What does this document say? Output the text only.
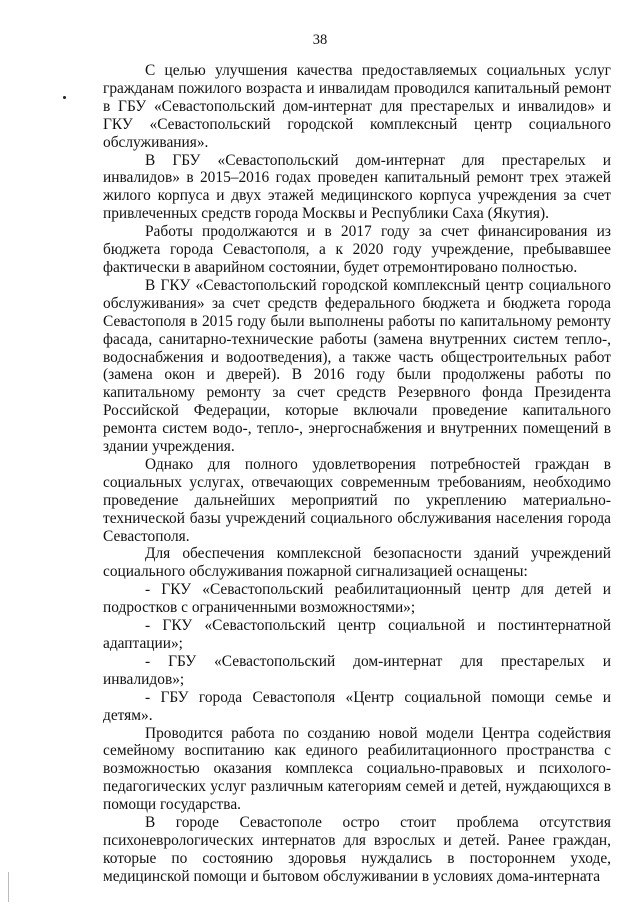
38

С целью улучшения качества предоставляемых социальных услуг гражданам пожилого возраста и инвалидам проводился капитальный ремонт в ГБУ «Севастопольский дом-интернат для престарелых и инвалидов» и ГКУ «Севастопольский городской комплексный центр социального обслуживания».

В ГБУ «Севастопольский дом-интернат для престарелых и инвалидов» в 2015–2016 годах проведен капитальный ремонт трех этажей жилого корпуса и двух этажей медицинского корпуса учреждения за счет привлеченных средств города Москвы и Республики Саха (Якутия).

Работы продолжаются и в 2017 году за счет финансирования из бюджета города Севастополя, а к 2020 году учреждение, пребывавшее фактически в аварийном состоянии, будет отремонтировано полностью.

В ГКУ «Севастопольский городской комплексный центр социального обслуживания» за счет средств федерального бюджета и бюджета города Севастополя в 2015 году были выполнены работы по капитальному ремонту фасада, санитарно-технические работы (замена внутренних систем тепло-, водоснабжения и водоотведения), а также часть общестроительных работ (замена окон и дверей). В 2016 году были продолжены работы по капитальному ремонту за счет средств Резервного фонда Президента Российской Федерации, которые включали проведение капитального ремонта систем водо-, тепло-, энергоснабжения и внутренних помещений в здании учреждения.

Однако для полного удовлетворения потребностей граждан в социальных услугах, отвечающих современным требованиям, необходимо проведение дальнейших мероприятий по укреплению материально-технической базы учреждений социального обслуживания населения города Севастополя.

Для обеспечения комплексной безопасности зданий учреждений социального обслуживания пожарной сигнализацией оснащены:

- ГКУ «Севастопольский реабилитационный центр для детей и подростков с ограниченными возможностями»;

- ГКУ «Севастопольский центр социальной и постинтернатной адаптации»;

- ГБУ «Севастопольский дом-интернат для престарелых и инвалидов»;

- ГБУ города Севастополя «Центр социальной помощи семье и детям».

Проводится работа по созданию новой модели Центра содействия семейному воспитанию как единого реабилитационного пространства с возможностью оказания комплекса социально-правовых и психолого-педагогических услуг различным категориям семей и детей, нуждающихся в помощи государства.

В городе Севастополе остро стоит проблема отсутствия психоневрологических интернатов для взрослых и детей. Ранее граждан, которые по состоянию здоровья нуждались в постороннем уходе, медицинской помощи и бытовом обслуживании в условиях дома-интерната
